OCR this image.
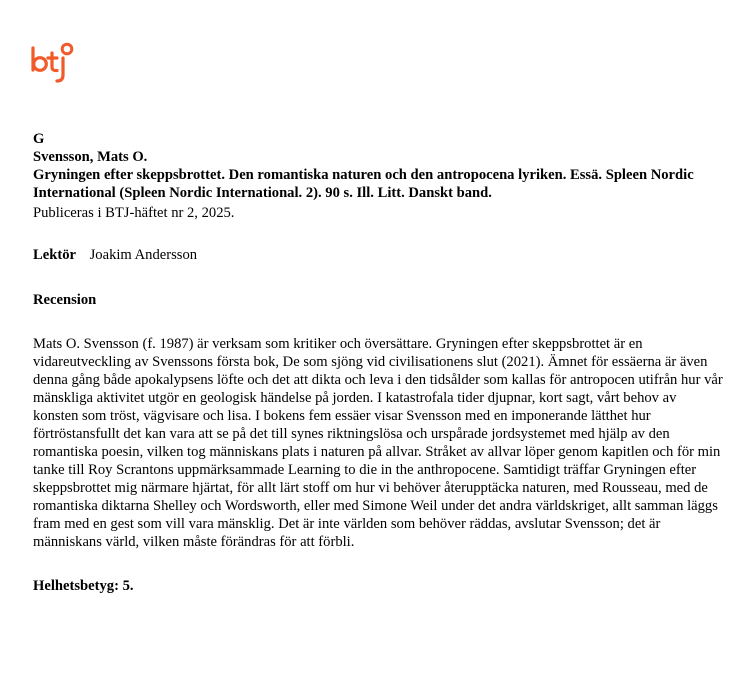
G

Svensson, Mats O.

Gryningen efter skeppsbrottet. Den romantiska naturen och den antropocena lyriken. Essä. Spleen Nordic International (Spleen Nordic International. 2). 90 s. Ill. Litt. Danskt band.

Publiceras i BTJ-häftet nr 2, 2025.

Lektör Joakim Andersson

Recension

Mats O. Svensson (f. 1987) är verksam som kritiker och översättare. Gryningen efter skeppsbrottet är en vidareutveckling av Svenssons första bok, De som sjöng vid civilisationens slut (2021). Ämnet för essäerna är även denna gång både apokalypsens löfte och det att dikta och leva i den tidsålder som kallas för antropocen utifrån hur vår mänskliga aktivitet utgör en geologisk händelse på jorden. I katastrofala tider djupnar, kort sagt, vårt behov av konsten som tröst, vägvisare och lisa. I bokens fem essäer visar Svensson med en imponerande lätthet hur förtröstansfullt det kan vara att se på det till synes riktningslösa och urspårade jordsystemet med hjälp av den romantiska poesin, vilken tog människans plats i naturen på allvar. Stråket av allvar löper genom kapitlen och för min tanke till Roy Scrantons uppmärksammade Learning to die in the anthropocene. Samtidigt träffar Gryningen efter skeppsbrottet mig närmare hjärtat, för allt lärt stoff om hur vi behöver återupptäcka naturen, med Rousseau, med de romantiska diktarna Shelley och Wordsworth, eller med Simone Weil under det andra världskriget, allt samman läggs fram med en gest som vill vara mänsklig. Det är inte världen som behöver räddas, avslutar Svensson; det är människans värld, vilken måste förändras för att förbli.

Helhetsbetyg: 5.
